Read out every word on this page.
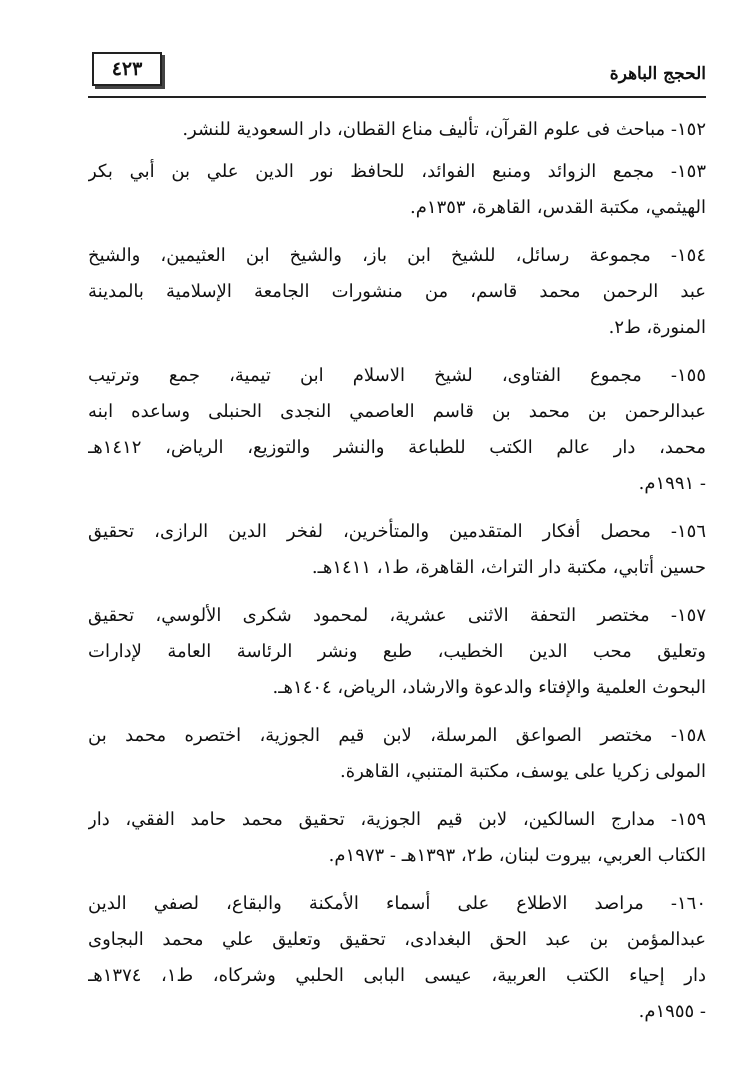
٤٢٣	الحجج الباهرة
١٥٢- مباحث فى علوم القرآن، تأليف مناع القطان، دار السعودية للنشر.
١٥٣- مجمع الزوائد ومنبع الفوائد، للحافظ نور الدين علي بن أبي بكر
الهيثمي، مكتبة القدس، القاهرة، ١٣٥٣م.
١٥٤- مجموعة رسائل، للشيخ ابن باز، والشيخ ابن العثيمين، والشيخ
عبد الرحمن محمد قاسم، من منشورات الجامعة الإسلامية بالمدينة
المنورة، ط٢.
١٥٥- مجموع الفتاوى، لشيخ الاسلام ابن تيمية، جمع وترتيب
عبدالرحمن بن محمد بن قاسم العاصمي النجدى الحنبلى وساعده ابنه
محمد، دار عالم الكتب للطباعة والنشر والتوزيع، الرياض، ١٤١٢هـ
- ١٩٩١م.
١٥٦- محصل أفكار المتقدمين والمتأخرين، لفخر الدين الرازى، تحقيق
حسين أتابي، مكتبة دار التراث، القاهرة، ط١، ١٤١١هـ.
١٥٧- مختصر التحفة الاثنى عشرية، لمحمود شكرى الألوسي، تحقيق
وتعليق محب الدين الخطيب، طبع ونشر الرئاسة العامة لإدارات
البحوث العلمية والإفتاء والدعوة والارشاد، الرياض، ١٤٠٤هـ.
١٥٨- مختصر الصواعق المرسلة، لابن قيم الجوزية، اختصره محمد بن
المولى زكريا على يوسف، مكتبة المتنبي، القاهرة.
١٥٩- مدارج السالكين، لابن قيم الجوزية، تحقيق محمد حامد الفقي، دار
الكتاب العربي، بيروت لبنان، ط٢، ١٣٩٣هـ - ١٩٧٣م.
١٦٠- مراصد الاطلاع على أسماء الأمكنة والبقاع، لصفي الدين
عبدالمؤمن بن عبد الحق البغدادى، تحقيق وتعليق علي محمد البجاوى
دار إحياء الكتب العربية، عيسى البابى الحلبي وشركاه، ط١، ١٣٧٤هـ
- ١٩٥٥م.
